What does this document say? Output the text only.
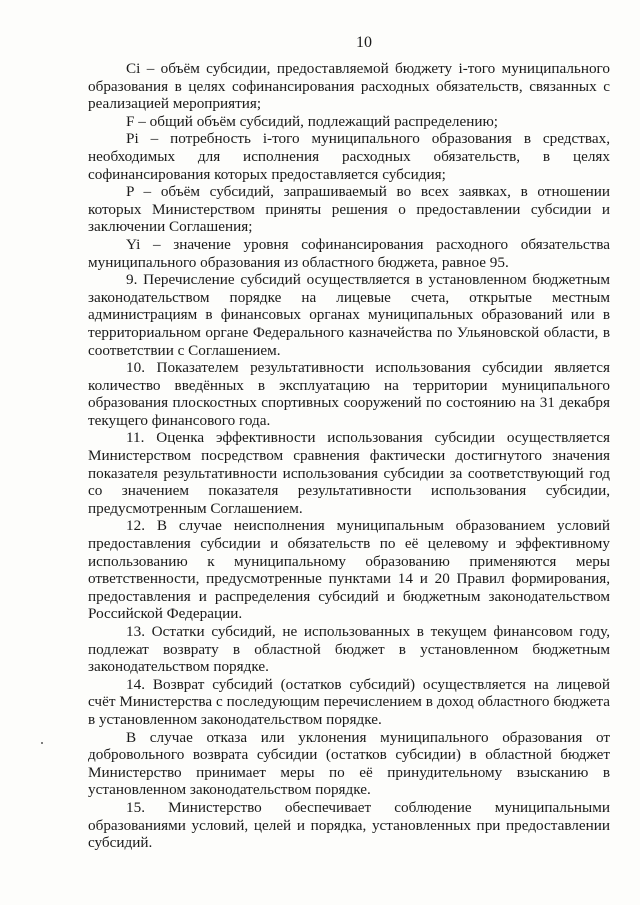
10

Ci – объём субсидии, предоставляемой бюджету i-того муниципального образования в целях софинансирования расходных обязательств, связанных с реализацией мероприятия;

F – общий объём субсидий, подлежащий распределению;

Pi – потребность i-того муниципального образования в средствах, необходимых для исполнения расходных обязательств, в целях софинансирования которых предоставляется субсидия;

P – объём субсидий, запрашиваемый во всех заявках, в отношении которых Министерством приняты решения о предоставлении субсидии и заключении Соглашения;

Yi – значение уровня софинансирования расходного обязательства муниципального образования из областного бюджета, равное 95.

9. Перечисление субсидий осуществляется в установленном бюджетным законодательством порядке на лицевые счета, открытые местным администрациям в финансовых органах муниципальных образований или в территориальном органе Федерального казначейства по Ульяновской области, в соответствии с Соглашением.

10. Показателем результативности использования субсидии является количество введённых в эксплуатацию на территории муниципального образования плоскостных спортивных сооружений по состоянию на 31 декабря текущего финансового года.

11. Оценка эффективности использования субсидии осуществляется Министерством посредством сравнения фактически достигнутого значения показателя результативности использования субсидии за соответствующий год со значением показателя результативности использования субсидии, предусмотренным Соглашением.

12. В случае неисполнения муниципальным образованием условий предоставления субсидии и обязательств по её целевому и эффективному использованию к муниципальному образованию применяются меры ответственности, предусмотренные пунктами 14 и 20 Правил формирования, предоставления и распределения субсидий и бюджетным законодательством Российской Федерации.

13. Остатки субсидий, не использованных в текущем финансовом году, подлежат возврату в областной бюджет в установленном бюджетным законодательством порядке.

14. Возврат субсидий (остатков субсидий) осуществляется на лицевой счёт Министерства с последующим перечислением в доход областного бюджета в установленном законодательством порядке.

В случае отказа или уклонения муниципального образования от добровольного возврата субсидии (остатков субсидии) в областной бюджет Министерство принимает меры по её принудительному взысканию в установленном законодательством порядке.

15. Министерство обеспечивает соблюдение муниципальными образованиями условий, целей и порядка, установленных при предоставлении субсидий.
